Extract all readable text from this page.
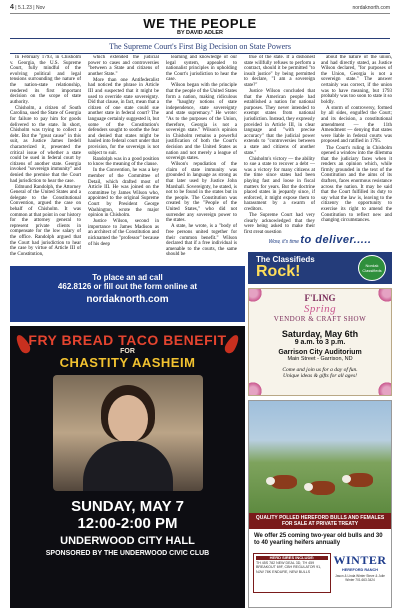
4 | 5.1.23 | Nov	nordaknorth.com
WE THE PEOPLE
BY DAVID ADLER
The Supreme Court's First Big Decision on State Powers

In February 1793, in Chisholm v. Georgia, the U.S. Supreme Court, fully mindful of the evolving political and legal tensions surrounding the nature of the nation-state relationship, rendered its first important decision on the scope of state authority.

Chisholm, a citizen of South Carolina, sued the State of Georgia for failure to pay him for goods delivered to the state. In short, Chisholm was trying to collect a debt. But the "great cause" in this suit, as Justice James Iredell characterized it, presented the critical issue of whether a state could be sued in federal court by citizens of another state. Georgia invoked "sovereign immunity" and denied the premise that the Court had jurisdiction to hear the case.

Edmund Randolph, the Attorney General of the United States and a delegate to the Constitutional Convention, argued the case on behalf of Chisholm. It was common at that point in our history for the attorney general to represent private clients in compensate for the low salary of the office. Randolph argued that the Court had jurisdiction to hear the case by virtue of Article III of the Constitution,

which extended the judicial power to cases and controversies "between a State and citizens of another State."

More than one Antifederalist had noticed the phrase in Article III and suspected that it might be used to override state sovereignty. Did that clause, in fact, mean that a citizen of one state could sue another state in federal court? The language certainly suggested it, but some of the Constitution's defenders sought to soothe the fear and denied that states might be hauled into federal court under that provision, for the sovereign is not subject to suit.

Randolph was in a good position to know the meaning of the clause.

In the Convention, he was a key member of the Committee of Detail, which drafted most of Article III. He was joined on the committee by James Wilson who, appointed to the original Supreme Court by President George Washington, wrote the major opinion in Chisholm.

Justice Wilson, second in importance to James Madison as an architect of the Constitution and nicknamed the "professor" because of his deep

learning and knowledge of our legal system, appealed to nationalist principles in upholding the Court's jurisdiction to hear the case.

Wilson began with the principle that the people of the United States form a nation, making ridiculous the "haughty notions of state independence, state sovereignty and state supremacy." He wrote: "As to the purposes of the Union, therefore, Georgia is not a sovereign state." Wilson's opinion in Chisholm remains a powerful justification of both the Court's decision and the United States as nation and not merely a league of sovereign states.

Wilson's repudiation of the claim of state immunity was grounded in language as strong as that later used by Justice John Marshall. Sovereignty, he stated, is not to be found in the states but in the people. The Constitution was created by the "People of the United States," who did not surrender any sovereign power to the states.

A state, he wrote, is a "body of free persons united together for their common benefit." Wilson declared that if a free individual is amenable to the courts, the same should be

true of the state. If a dishonest state willfully refuses to perform a contract, should it be permitted "to insult justice" by being permitted to declare, "I am a sovereign state?"

Justice Wilson concluded that that the American people had established a nation for national purposes. They never intended to exempt states from national jurisdiction. Instead, they expressly provided in Article III, in clear language and "with precise accuracy" that the judicial power extends to "controversies between a state and citizens of another state."

Chisholm's victory — the ability to sue a state to recover a debt — was a victory for many citizens at the time since states had been playing fast and loose in fiscal matters for years. But the doctrine placed states in jeopardy since, if enforced, it might expose them to harassment by a swarm of creditors.

The Supreme Court had very clearly acknowledged that they were being asked to make their first great question

about the nature of the union, and had directly stated, as Justice Wilson declared, "for purposes of the Union, Georgia is not a sovereign state." The answer certainly was correct, if the union was to have meaning, but 1793 probably was too soon to state it so boldly.

A storm of controversy, formed by all sides, engulfed the Court; and its decision, a constitutional amendment — the 11th Amendment — denying that states were liable in federal courts was proposed and ratified in 1795.

The Court's ruling in Chisholm opened a window into the dilemma that the judiciary faces when it renders an opinion which, while firmly grounded in the text of the Constitution and the aims of its drafters, faces enormous resistance across the nation. It may be said that the Court fulfilled its duty to say what the law is, leaving to the citizenry the opportunity to exercise its right to amend the Constitution to reflect new and changing circumstances.

Wow, it's time to deliver.....
The Classifieds
Rock!	Nordak Classifieds
To place an ad call
462.8126 or fill out the form online at
nordaknorth.com	F'LING
Spring
VENDOR & CRAFT SHOW
Saturday, May 6th
9 a.m. to 3 p.m.
Garrison City Auditorium
Main Street - Garrison, ND
Come and join us for a day of fun.
Unique ideas & gifts for all ages!
FRY BREAD TACO BENEFIT
FOR
CHASTITY AASHEIM
SUNDAY, MAY 7
12:00-2:00 PM
UNDERWOOD CITY HALL
SPONSORED BY THE UNDERWOOD CIVIC CLUB
QUALITY POLLED HEREFORD BULLS AND FEMALES FOR SALE AT PRIVATE TREATY
We offer 25 coming two-year old bulls and 30 to 40 yearling heifers annually
HERD SIRES INCLUDE:
TH 45S 782 NEW DEAL 3D, TH 459 BREAKOUT 69F, CBH REGULATOR 91, NJW 78K ENDURE, NEW BULLS
WINTER
HEREFORD RANCH
Jason & Linda Winter Steve & Julie Winter 701.663.3424
